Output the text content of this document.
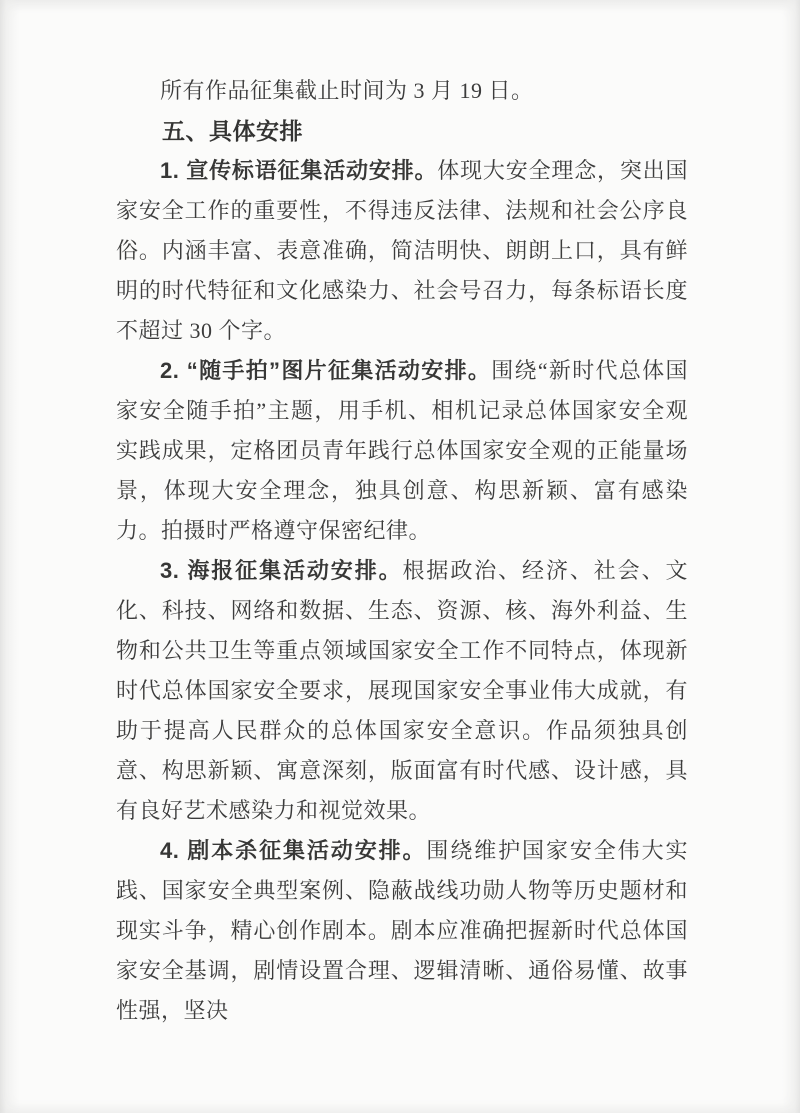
所有作品征集截止时间为 3 月 19 日。

五、具体安排

1. 宣传标语征集活动安排。体现大安全理念，突出国家安全工作的重要性，不得违反法律、法规和社会公序良俗。内涵丰富、表意准确，简洁明快、朗朗上口，具有鲜明的时代特征和文化感染力、社会号召力，每条标语长度不超过 30 个字。

2. “随手拍”图片征集活动安排。围绕“新时代总体国家安全随手拍”主题，用手机、相机记录总体国家安全观实践成果，定格团员青年践行总体国家安全观的正能量场景，体现大安全理念，独具创意、构思新颖、富有感染力。拍摄时严格遵守保密纪律。

3. 海报征集活动安排。根据政治、经济、社会、文化、科技、网络和数据、生态、资源、核、海外利益、生物和公共卫生等重点领域国家安全工作不同特点，体现新时代总体国家安全要求，展现国家安全事业伟大成就，有助于提高人民群众的总体国家安全意识。作品须独具创意、构思新颖、寓意深刻，版面富有时代感、设计感，具有良好艺术感染力和视觉效果。

4. 剧本杀征集活动安排。围绕维护国家安全伟大实践、国家安全典型案例、隐蔽战线功勋人物等历史题材和现实斗争，精心创作剧本。剧本应准确把握新时代总体国家安全基调，剧情设置合理、逻辑清晰、通俗易懂、故事性强，坚决
